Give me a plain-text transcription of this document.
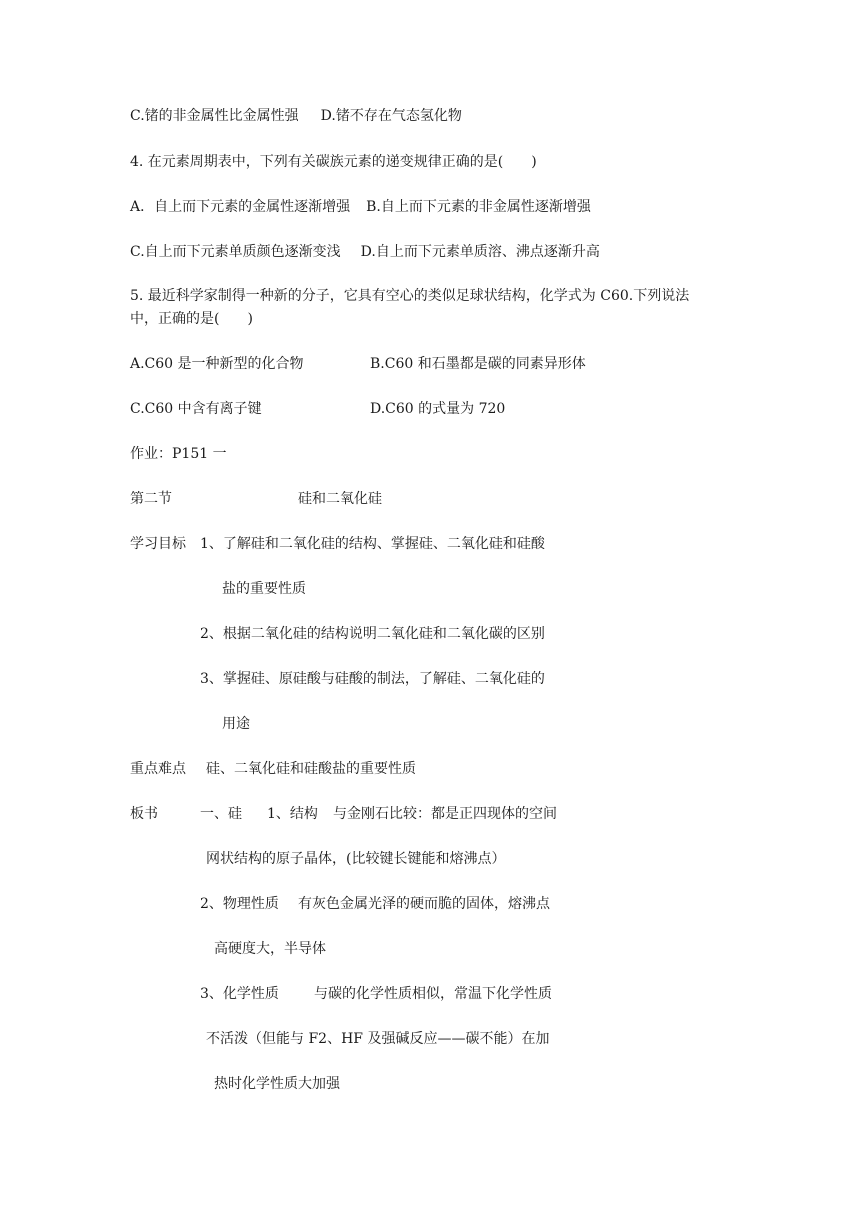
C.锗的非金属性比金属性强 D.锗不存在气态氢化物
4. 在元素周期表中，下列有关碳族元素的递变规律正确的是(　　)
A．自上而下元素的金属性逐渐增强 B.自上而下元素的非金属性逐渐增强
C.自上而下元素单质颜色逐渐变浅 D.自上而下元素单质溶、沸点逐渐升高
5. 最近科学家制得一种新的分子，它具有空心的类似足球状结构，化学式为 C60.下列说法
中，正确的是(　　)
A.C60 是一种新型的化合物	B.C60 和石墨都是碳的同素异形体
C.C60 中含有离子键	D.C60 的式量为 720
作业：P151 一
第二节	硅和二氧化硅
学习目标 1、了解硅和二氧化硅的结构、掌握硅、二氧化硅和硅酸
盐的重要性质
2、根据二氧化硅的结构说明二氧化硅和二氧化碳的区别
3、掌握硅、原硅酸与硅酸的制法，了解硅、二氧化硅的
用途
重点难点 硅、二氧化硅和硅酸盐的重要性质
板书	一、硅 1、结构 与金刚石比较：都是正四现体的空间
网状结构的原子晶体，(比较键长键能和熔沸点）
2、物理性质 有灰色金属光泽的硬而脆的固体，熔沸点
高硬度大，半导体
3、化学性质	与碳的化学性质相似，常温下化学性质
不活泼（但能与 F2、HF 及强碱反应——碳不能）在加
热时化学性质大加强
